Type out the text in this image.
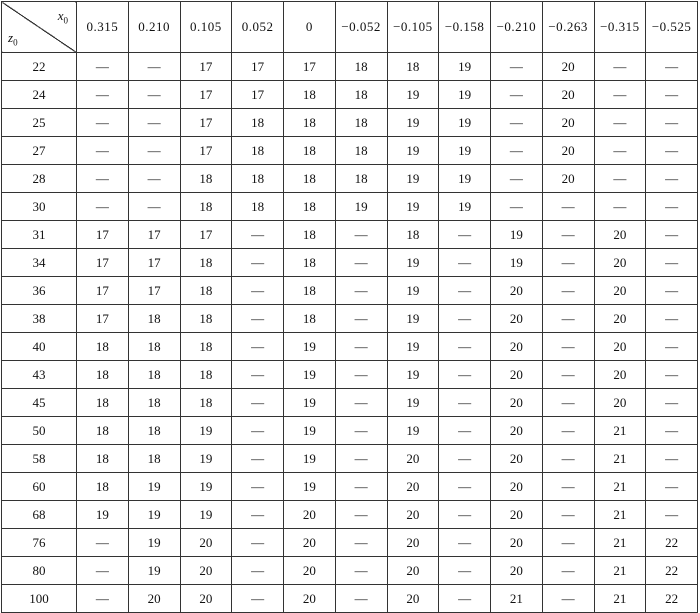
$x_0$
$z_0$	0.315	0.210	0.105	0.052	0	−0.052	−0.105	−0.158	−0.210	−0.263	−0.315	−0.525
22	—	—	17	17	17	18	18	19	—	20	—	—
24	—	—	17	17	18	18	19	19	—	20	—	—
25	—	—	17	18	18	18	19	19	—	20	—	—
27	—	—	17	18	18	18	19	19	—	20	—	—
28	—	—	18	18	18	18	19	19	—	20	—	—
30	—	—	18	18	18	19	19	19	—	—	—	—
31	17	17	17	—	18	—	18	—	19	—	20	—
34	17	17	18	—	18	—	19	—	19	—	20	—
36	17	17	18	—	18	—	19	—	20	—	20	—
38	17	18	18	—	18	—	19	—	20	—	20	—
40	18	18	18	—	19	—	19	—	20	—	20	—
43	18	18	18	—	19	—	19	—	20	—	20	—
45	18	18	18	—	19	—	19	—	20	—	20	—
50	18	18	19	—	19	—	19	—	20	—	21	—
58	18	18	19	—	19	—	20	—	20	—	21	—
60	18	19	19	—	19	—	20	—	20	—	21	—
68	19	19	19	—	20	—	20	—	20	—	21	—
76	—	19	20	—	20	—	20	—	20	—	21	22
80	—	19	20	—	20	—	20	—	20	—	21	22
100	—	20	20	—	20	—	20	—	21	—	21	22
